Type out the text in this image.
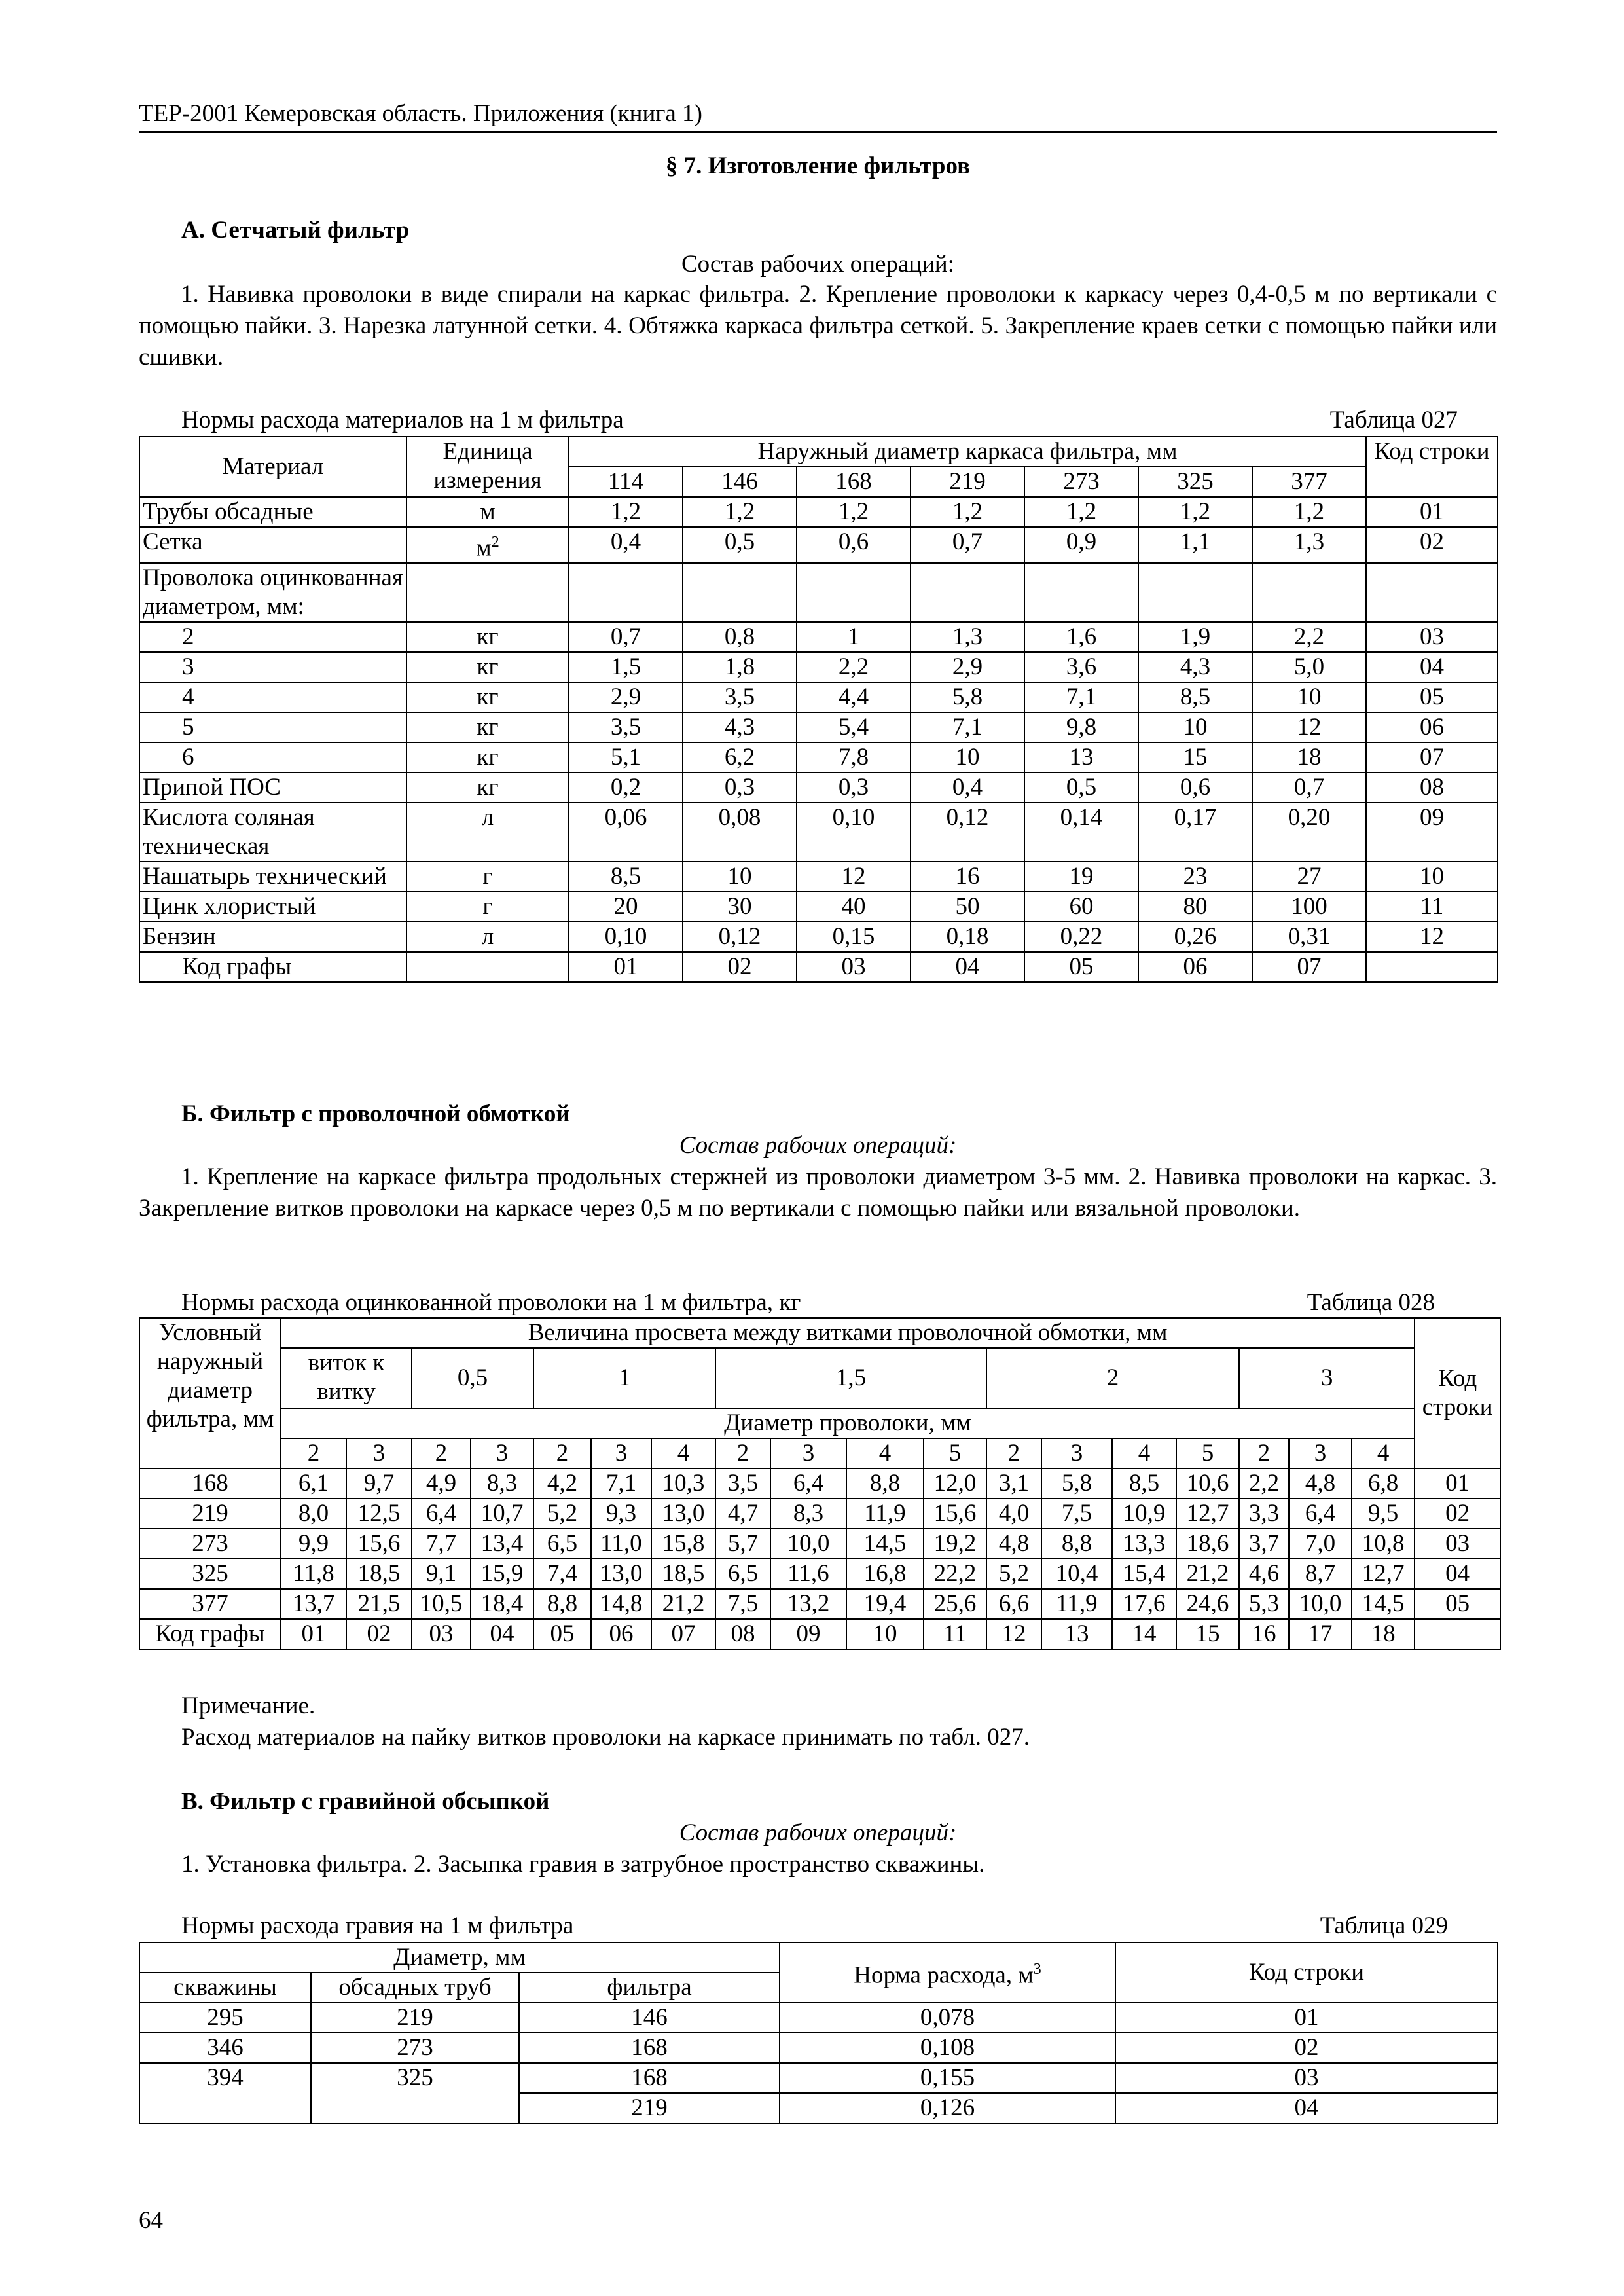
ТЕР-2001 Кемеровская область. Приложения (книга 1)
§ 7. Изготовление фильтров
А. Сетчатый фильтр
Состав рабочих операций:

1. Навивка проволоки в виде спирали на каркас фильтра. 2. Крепление проволоки к каркасу через 0,4-0,5 м по вертикали с помощью пайки. 3. Нарезка латунной сетки. 4. Обтяжка каркаса фильтра сеткой. 5. Закрепление краев сетки с помощью пайки или сшивки.

Нормы расхода материалов на 1 м фильтра	Таблица 027
Материал	Единица измерения	Наружный диаметр каркаса фильтра, мм							Код строки
		114	146	168	219	273	325	377	
Трубы обсадные	м	1,2	1,2	1,2	1,2	1,2	1,2	1,2	01
Сетка	$м^2$	0,4	0,5	0,6	0,7	0,9	1,1	1,3	02
Проволока оцинкованная диаметром, мм:									
2	кг	0,7	0,8	1	1,3	1,6	1,9	2,2	03
3	кг	1,5	1,8	2,2	2,9	3,6	4,3	5,0	04
4	кг	2,9	3,5	4,4	5,8	7,1	8,5	10	05
5	кг	3,5	4,3	5,4	7,1	9,8	10	12	06
6	кг	5,1	6,2	7,8	10	13	15	18	07
Припой ПОС	кг	0,2	0,3	0,3	0,4	0,5	0,6	0,7	08
Кислота соляная техническая	л	0,06	0,08	0,10	0,12	0,14	0,17	0,20	09
Нашатырь технический	г	8,5	10	12	16	19	23	27	10
Цинк хлористый	г	20	30	40	50	60	80	100	11
Бензин	л	0,10	0,12	0,15	0,18	0,22	0,26	0,31	12
Код графы		01	02	03	04	05	06	07	
Б. Фильтр с проволочной обмоткой
Состав рабочих операций:

1. Крепление на каркасе фильтра продольных стержней из проволоки диаметром 3-5 мм. 2. Навивка проволоки на каркас. 3. Закрепление витков проволоки на каркасе через 0,5 м по вертикали с помощью пайки или вязальной проволоки.

Нормы расхода оцинкованной проволоки на 1 м фильтра, кг	Таблица 028
Условный наружный диаметр фильтра, мм	Величина просвета между витками проволочной обмотки, мм																		Код строки
	виток к витку		0,5		1			1,5				2				3			
	Диаметр проволоки, мм																		
	2	3	2	3	2	3	4	2	3	4	5	2	3	4	5	2	3	4	
168	6,1	9,7	4,9	8,3	4,2	7,1	10,3	3,5	6,4	8,8	12,0	3,1	5,8	8,5	10,6	2,2	4,8	6,8	01
219	8,0	12,5	6,4	10,7	5,2	9,3	13,0	4,7	8,3	11,9	15,6	4,0	7,5	10,9	12,7	3,3	6,4	9,5	02
273	9,9	15,6	7,7	13,4	6,5	11,0	15,8	5,7	10,0	14,5	19,2	4,8	8,8	13,3	18,6	3,7	7,0	10,8	03
325	11,8	18,5	9,1	15,9	7,4	13,0	18,5	6,5	11,6	16,8	22,2	5,2	10,4	15,4	21,2	4,6	8,7	12,7	04
377	13,7	21,5	10,5	18,4	8,8	14,8	21,2	7,5	13,2	19,4	25,6	6,6	11,9	17,6	24,6	5,3	10,0	14,5	05
Код графы	01	02	03	04	05	06	07	08	09	10	11	12	13	14	15	16	17	18	
Примечание.
Расход материалов на пайку витков проволоки на каркасе принимать по табл. 027.
В. Фильтр с гравийной обсыпкой
Состав рабочих операций:
1. Установка фильтра. 2. Засыпка гравия в затрубное пространство скважины.
Нормы расхода гравия на 1 м фильтра	Таблица 029
Диаметр, мм			Норма расхода, $м^3$	Код строки
скважины	обсадных труб	фильтра		
295	219	146	0,078	01
346	273	168	0,108	02
394	325	168	0,155	03
		219	0,126	04
64
